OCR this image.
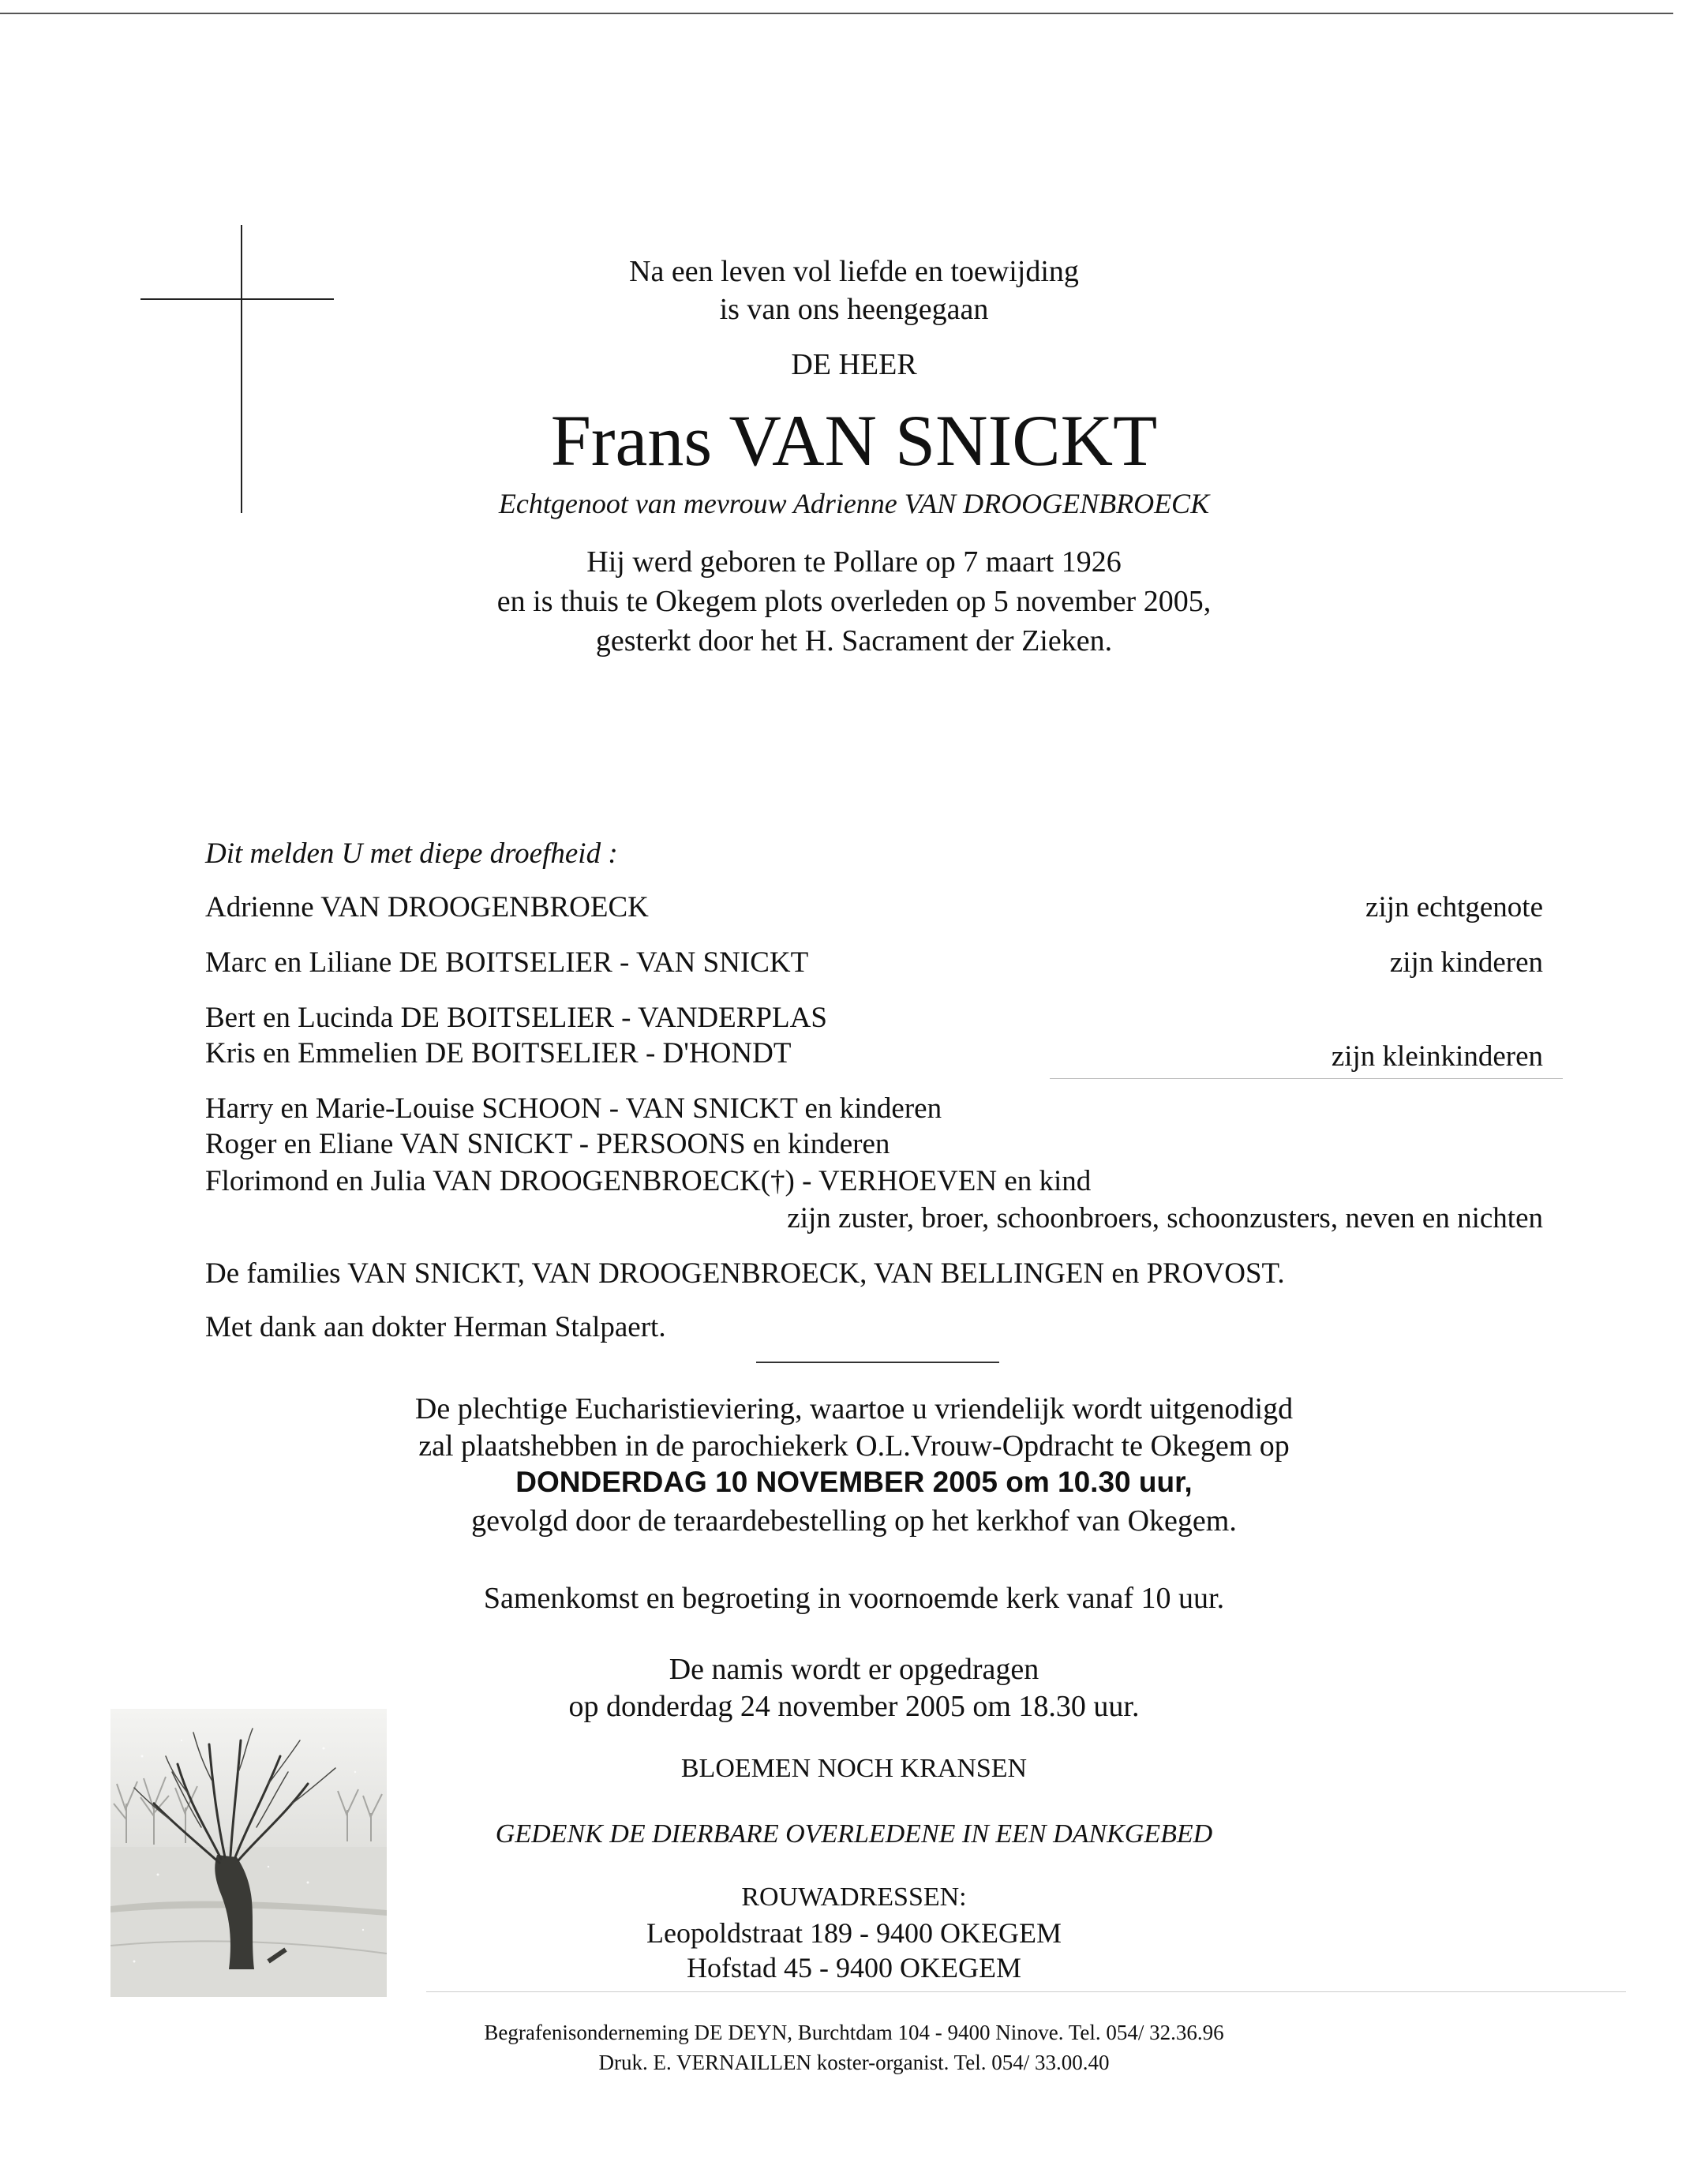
Na een leven vol liefde en toewijding
is van ons heengegaan
DE HEER
Frans VAN SNICKT
Echtgenoot van mevrouw Adrienne VAN DROOGENBROECK
Hij werd geboren te Pollare op 7 maart 1926
en is thuis te Okegem plots overleden op 5 november 2005,
gesterkt door het H. Sacrament der Zieken.
Dit melden U met diepe droefheid :
Adrienne VAN DROOGENBROECK	zijn echtgenote
Marc en Liliane DE BOITSELIER - VAN SNICKT	zijn kinderen
Bert en Lucinda DE BOITSELIER - VANDERPLAS
Kris en Emmelien DE BOITSELIER - D'HONDT	zijn kleinkinderen
Harry en Marie-Louise SCHOON - VAN SNICKT en kinderen
Roger en Eliane VAN SNICKT - PERSOONS en kinderen
Florimond en Julia VAN DROOGENBROECK(†) - VERHOEVEN en kind
zijn zuster, broer, schoonbroers, schoonzusters, neven en nichten
De families VAN SNICKT, VAN DROOGENBROECK, VAN BELLINGEN en PROVOST.
Met dank aan dokter Herman Stalpaert.
De plechtige Eucharistieviering, waartoe u vriendelijk wordt uitgenodigd
zal plaatshebben in de parochiekerk O.L.Vrouw-Opdracht te Okegem op
DONDERDAG 10 NOVEMBER 2005 om 10.30 uur,
gevolgd door de teraardebestelling op het kerkhof van Okegem.
Samenkomst en begroeting in voornoemde kerk vanaf 10 uur.
De namis wordt er opgedragen
op donderdag 24 november 2005 om 18.30 uur.
BLOEMEN NOCH KRANSEN
GEDENK DE DIERBARE OVERLEDENE IN EEN DANKGEBED
ROUWADRESSEN:
Leopoldstraat 189 - 9400 OKEGEM
Hofstad 45 - 9400 OKEGEM
Begrafenisonderneming DE DEYN, Burchtdam 104 - 9400 Ninove. Tel. 054/ 32.36.96
Druk. E. VERNAILLEN koster-organist. Tel. 054/ 33.00.40
